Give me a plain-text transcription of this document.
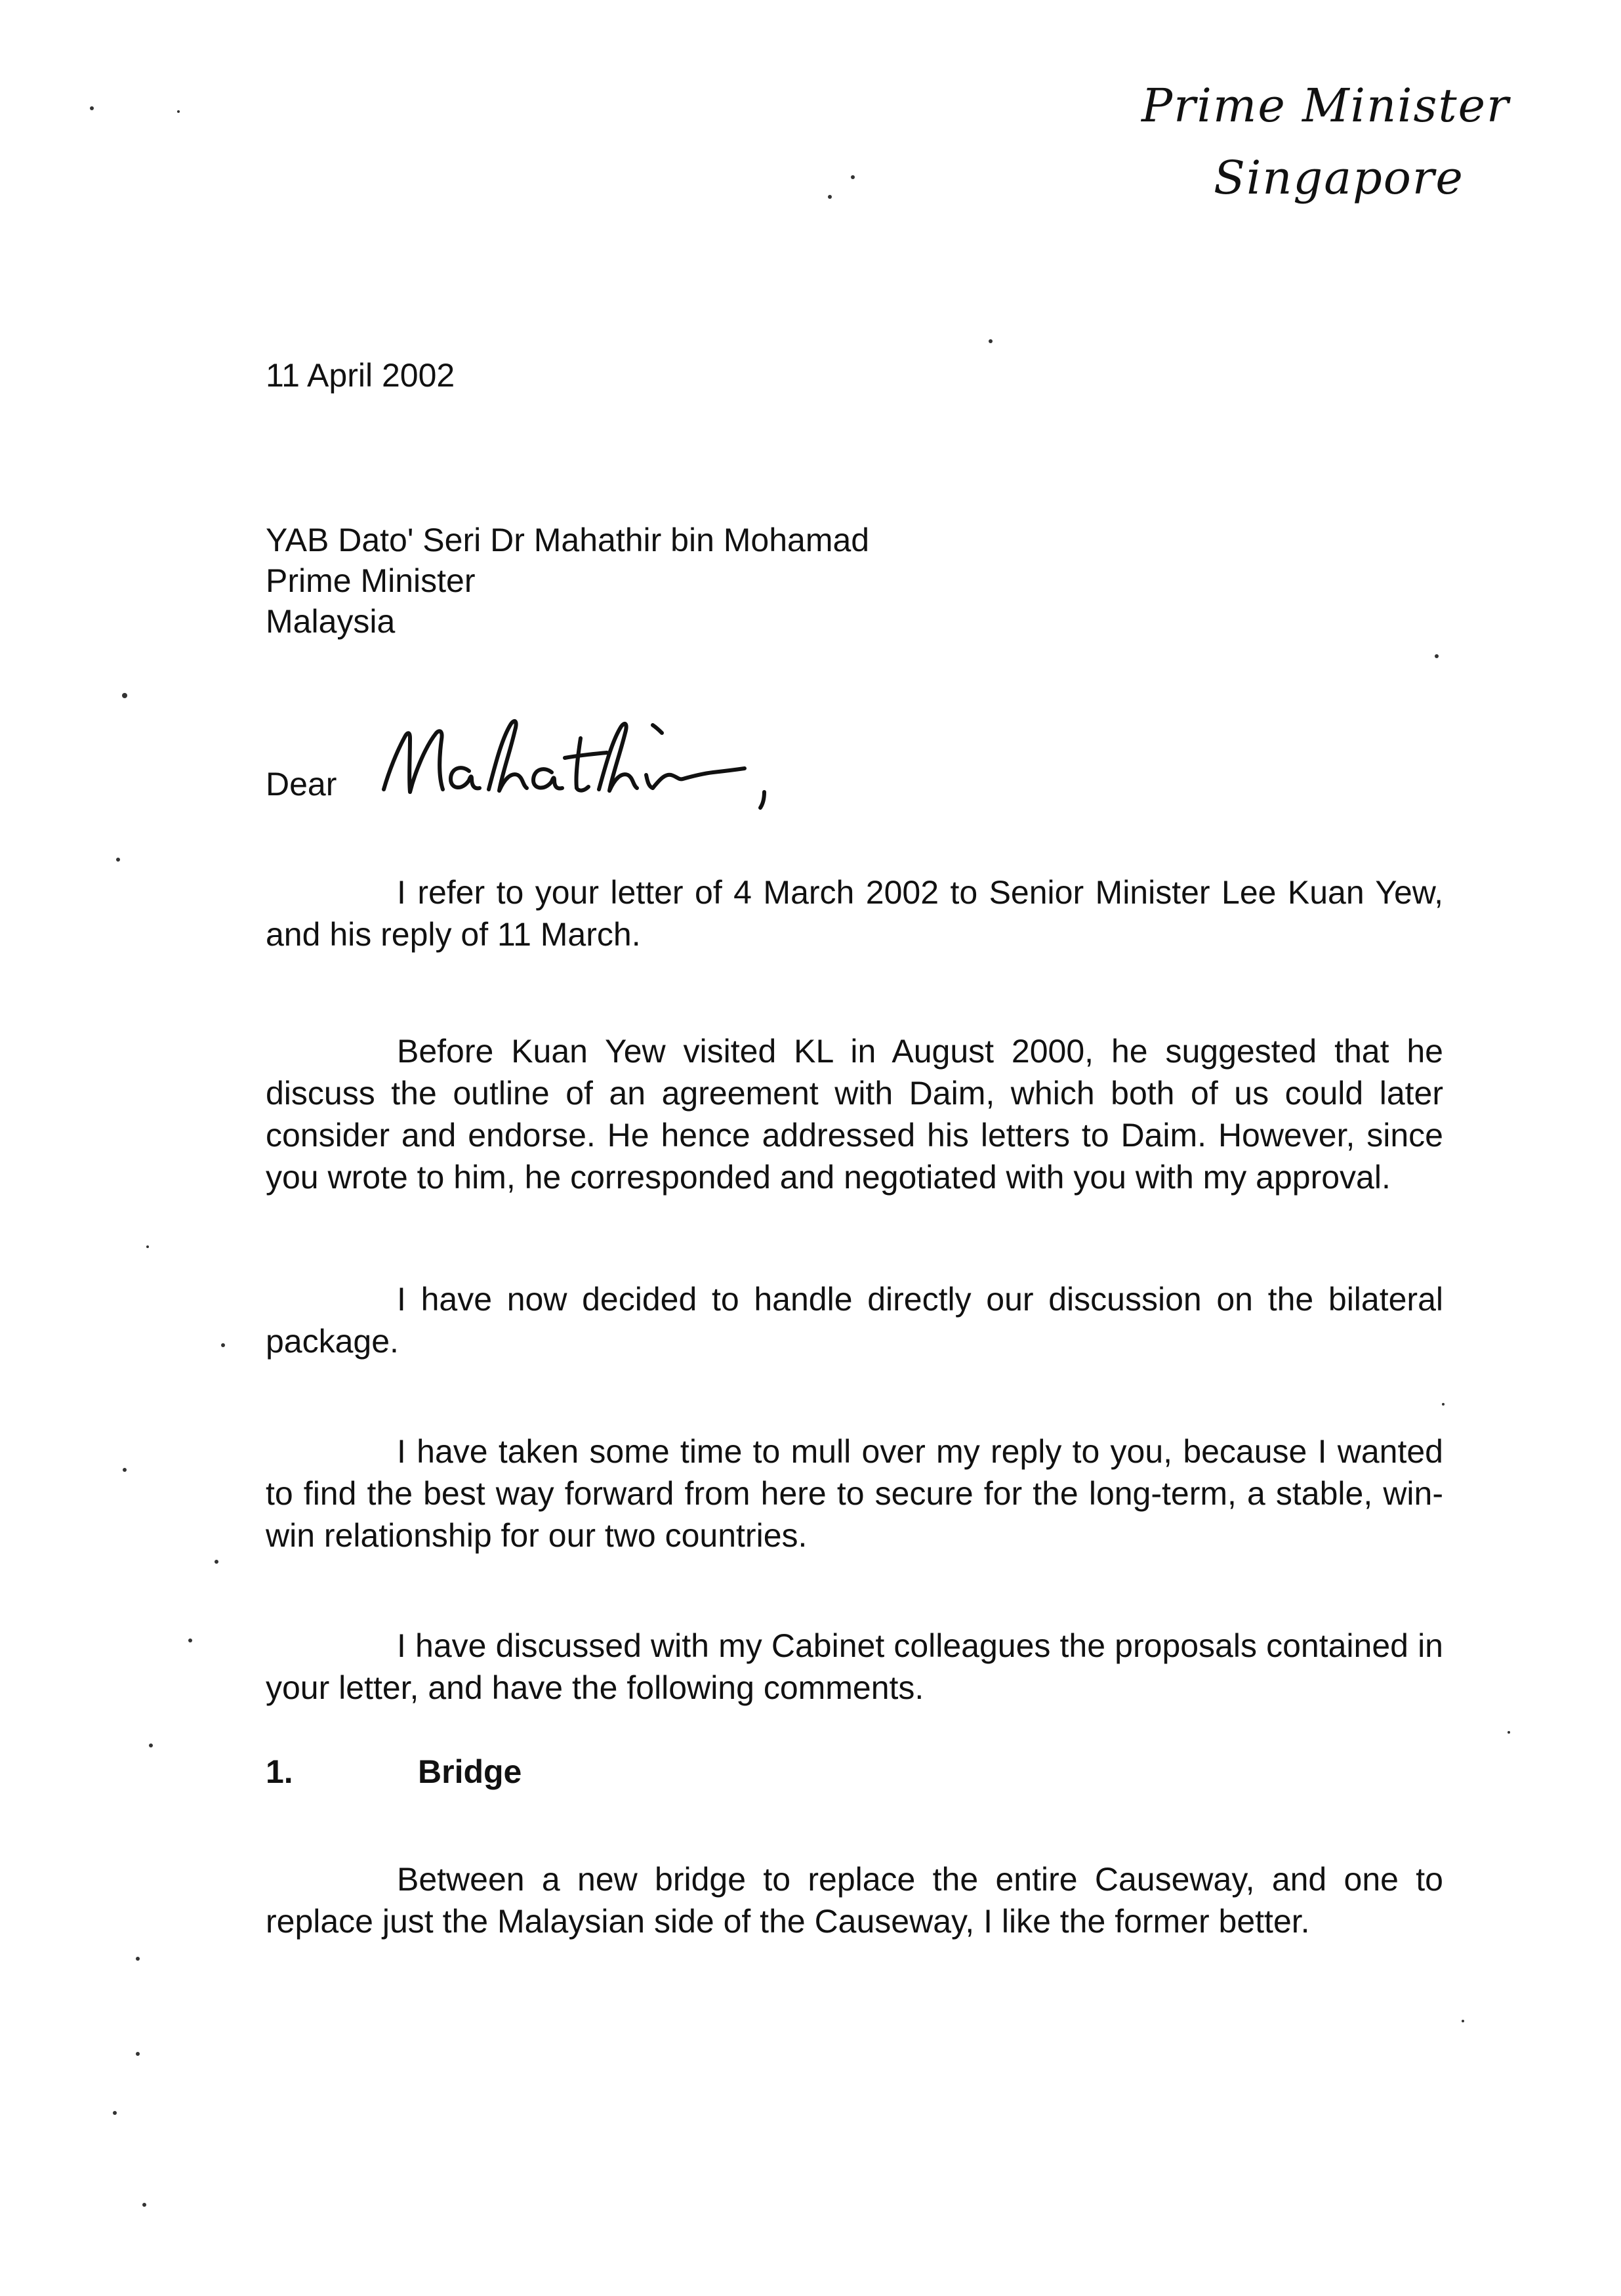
Prime Minister
Singapore
11 April 2002
YAB Dato' Seri Dr Mahathir bin Mohamad
Prime Minister
Malaysia
Dear

I refer to your letter of 4 March 2002 to Senior Minister Lee Kuan Yew, and his reply of 11 March.

Before Kuan Yew visited KL in August 2000, he suggested that he discuss the outline of an agreement with Daim, which both of us could later consider and endorse. He hence addressed his letters to Daim. However, since you wrote to him, he corresponded and negotiated with you with my approval.

I have now decided to handle directly our discussion on the bilateral package.

I have taken some time to mull over my reply to you, because I wanted to find the best way forward from here to secure for the long-term, a stable, win-win relationship for our two countries.

I have discussed with my Cabinet colleagues the proposals contained in your letter, and have the following comments.

1.	Bridge

Between a new bridge to replace the entire Causeway, and one to replace just the Malaysian side of the Causeway, I like the former better.
